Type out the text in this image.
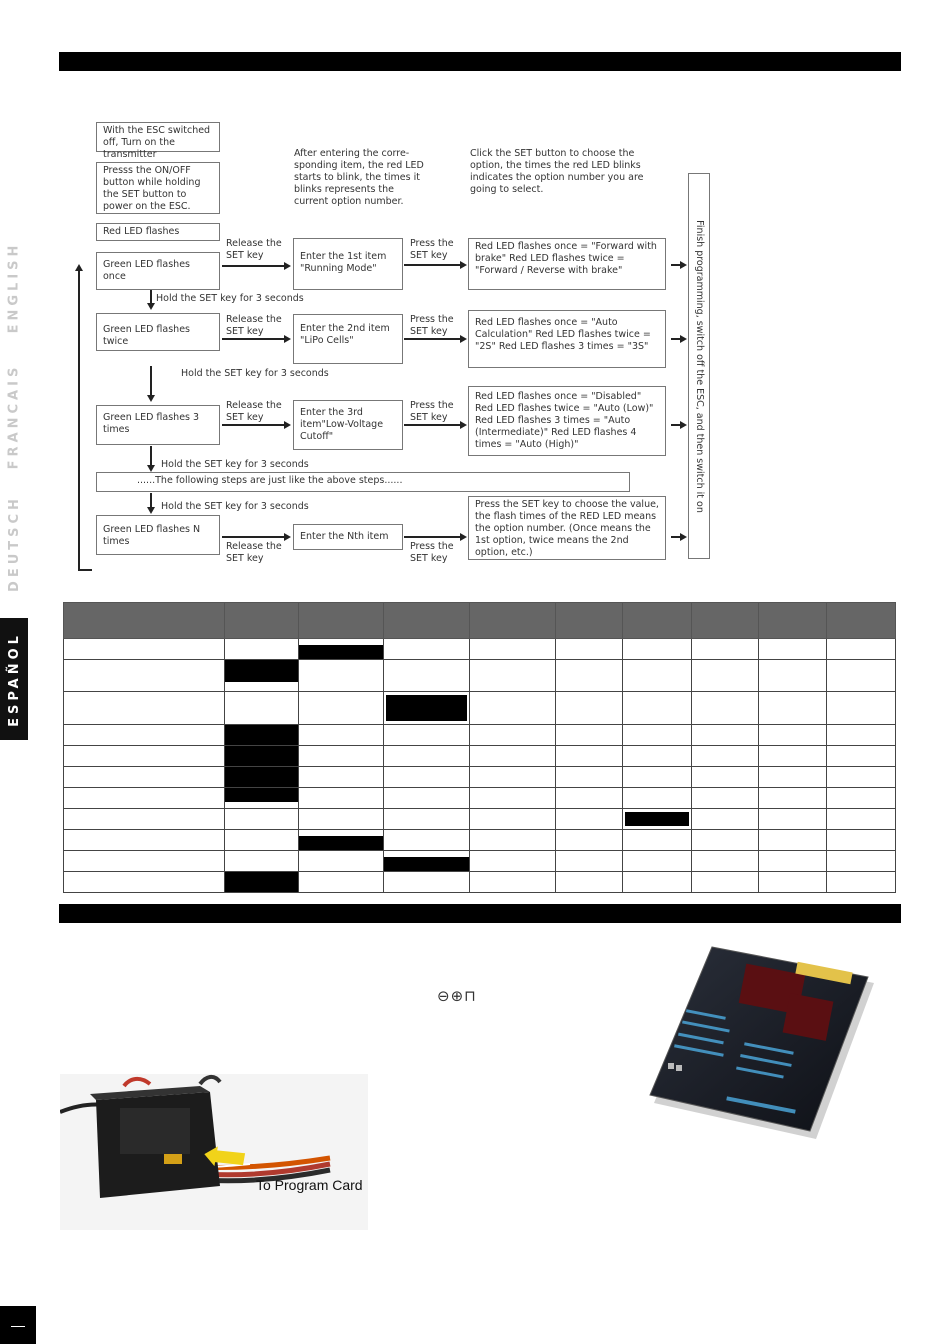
ENGLISH
FRANCAIS
DEUTSCH
ESPAÑOL
With the ESC switched off, Turn on the transmitter
Presss the ON/OFF button while holding the SET button to power on the ESC.
Red LED flashes
After entering the corre-sponding item, the red LED starts to blink, the times it blinks represents the current option number.
Click the SET button to choose the option, the times the red LED blinks indicates the option number you are going to select.
Green LED flashes once
Release the SET key	Enter the 1st item "Running Mode"
Press the SET key
Red LED flashes once = "Forward with brake" Red LED flashes twice = "Forward / Reverse with brake"
Hold the SET key for 3 seconds
Green LED flashes twice
Release the SET key	Enter the 2nd item "LiPo Cells"
Press the SET key
Red LED flashes once = "Auto Calculation" Red LED flashes twice = "2S" Red LED flashes 3 times = "3S"
Hold the SET key for 3 seconds
Green LED flashes 3 times
Release the SET key	Enter the 3rd item"Low-Voltage Cutoff"
Press the SET key
Red LED flashes once = "Disabled" Red LED flashes twice = "Auto (Low)" Red LED flashes 3 times = "Auto (Intermediate)" Red LED flashes 4 times = "Auto (High)"
Hold the SET key for 3 seconds
......The following steps are just like the above steps......
Hold the SET key for 3 seconds
Green LED flashes N times	Release the SET key
Enter the Nth item
Press the SET key
Press the SET key to choose the value, the flash times of the RED LED means the option number. (Once means the 1st option, twice means the 2nd option, etc.)
Finish programming, switch off the ESC, and then switch it on

⊖⊕⊓
To Program Card
